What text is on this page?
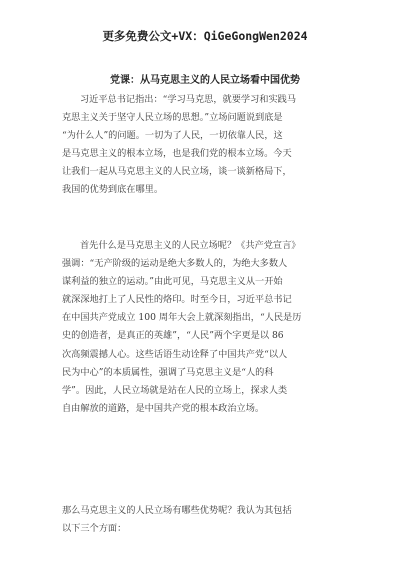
更多免费公文+VX：QiGeGongWen2024
党课：从马克思主义的人民立场看中国优势
习近平总书记指出：“学习马克思，就要学习和实践马
克思主义关于坚守人民立场的思想。”立场问题说到底是
“为什么人”的问题。一切为了人民，一切依靠人民，这
是马克思主义的根本立场，也是我们党的根本立场。今天
让我们一起从马克思主义的人民立场，谈一谈新格局下，
我国的优势到底在哪里。
首先什么是马克思主义的人民立场呢？《共产党宣言》
强调：“无产阶级的运动是绝大多数人的，为绝大多数人
谋利益的独立的运动。”由此可见，马克思主义从一开始
就深深地打上了人民性的烙印。时至今日，习近平总书记
在中国共产党成立 100 周年大会上就深刻指出，“人民是历
史的创造者，是真正的英雄”，“人民”两个字更是以 86
次高频震撼人心。这些话语生动诠释了中国共产党“以人
民为中心”的本质属性，强调了马克思主义是“人的科
学”。因此，人民立场就是站在人民的立场上，探求人类
自由解放的道路，是中国共产党的根本政治立场。
那么马克思主义的人民立场有哪些优势呢？我认为其包括
以下三个方面：
